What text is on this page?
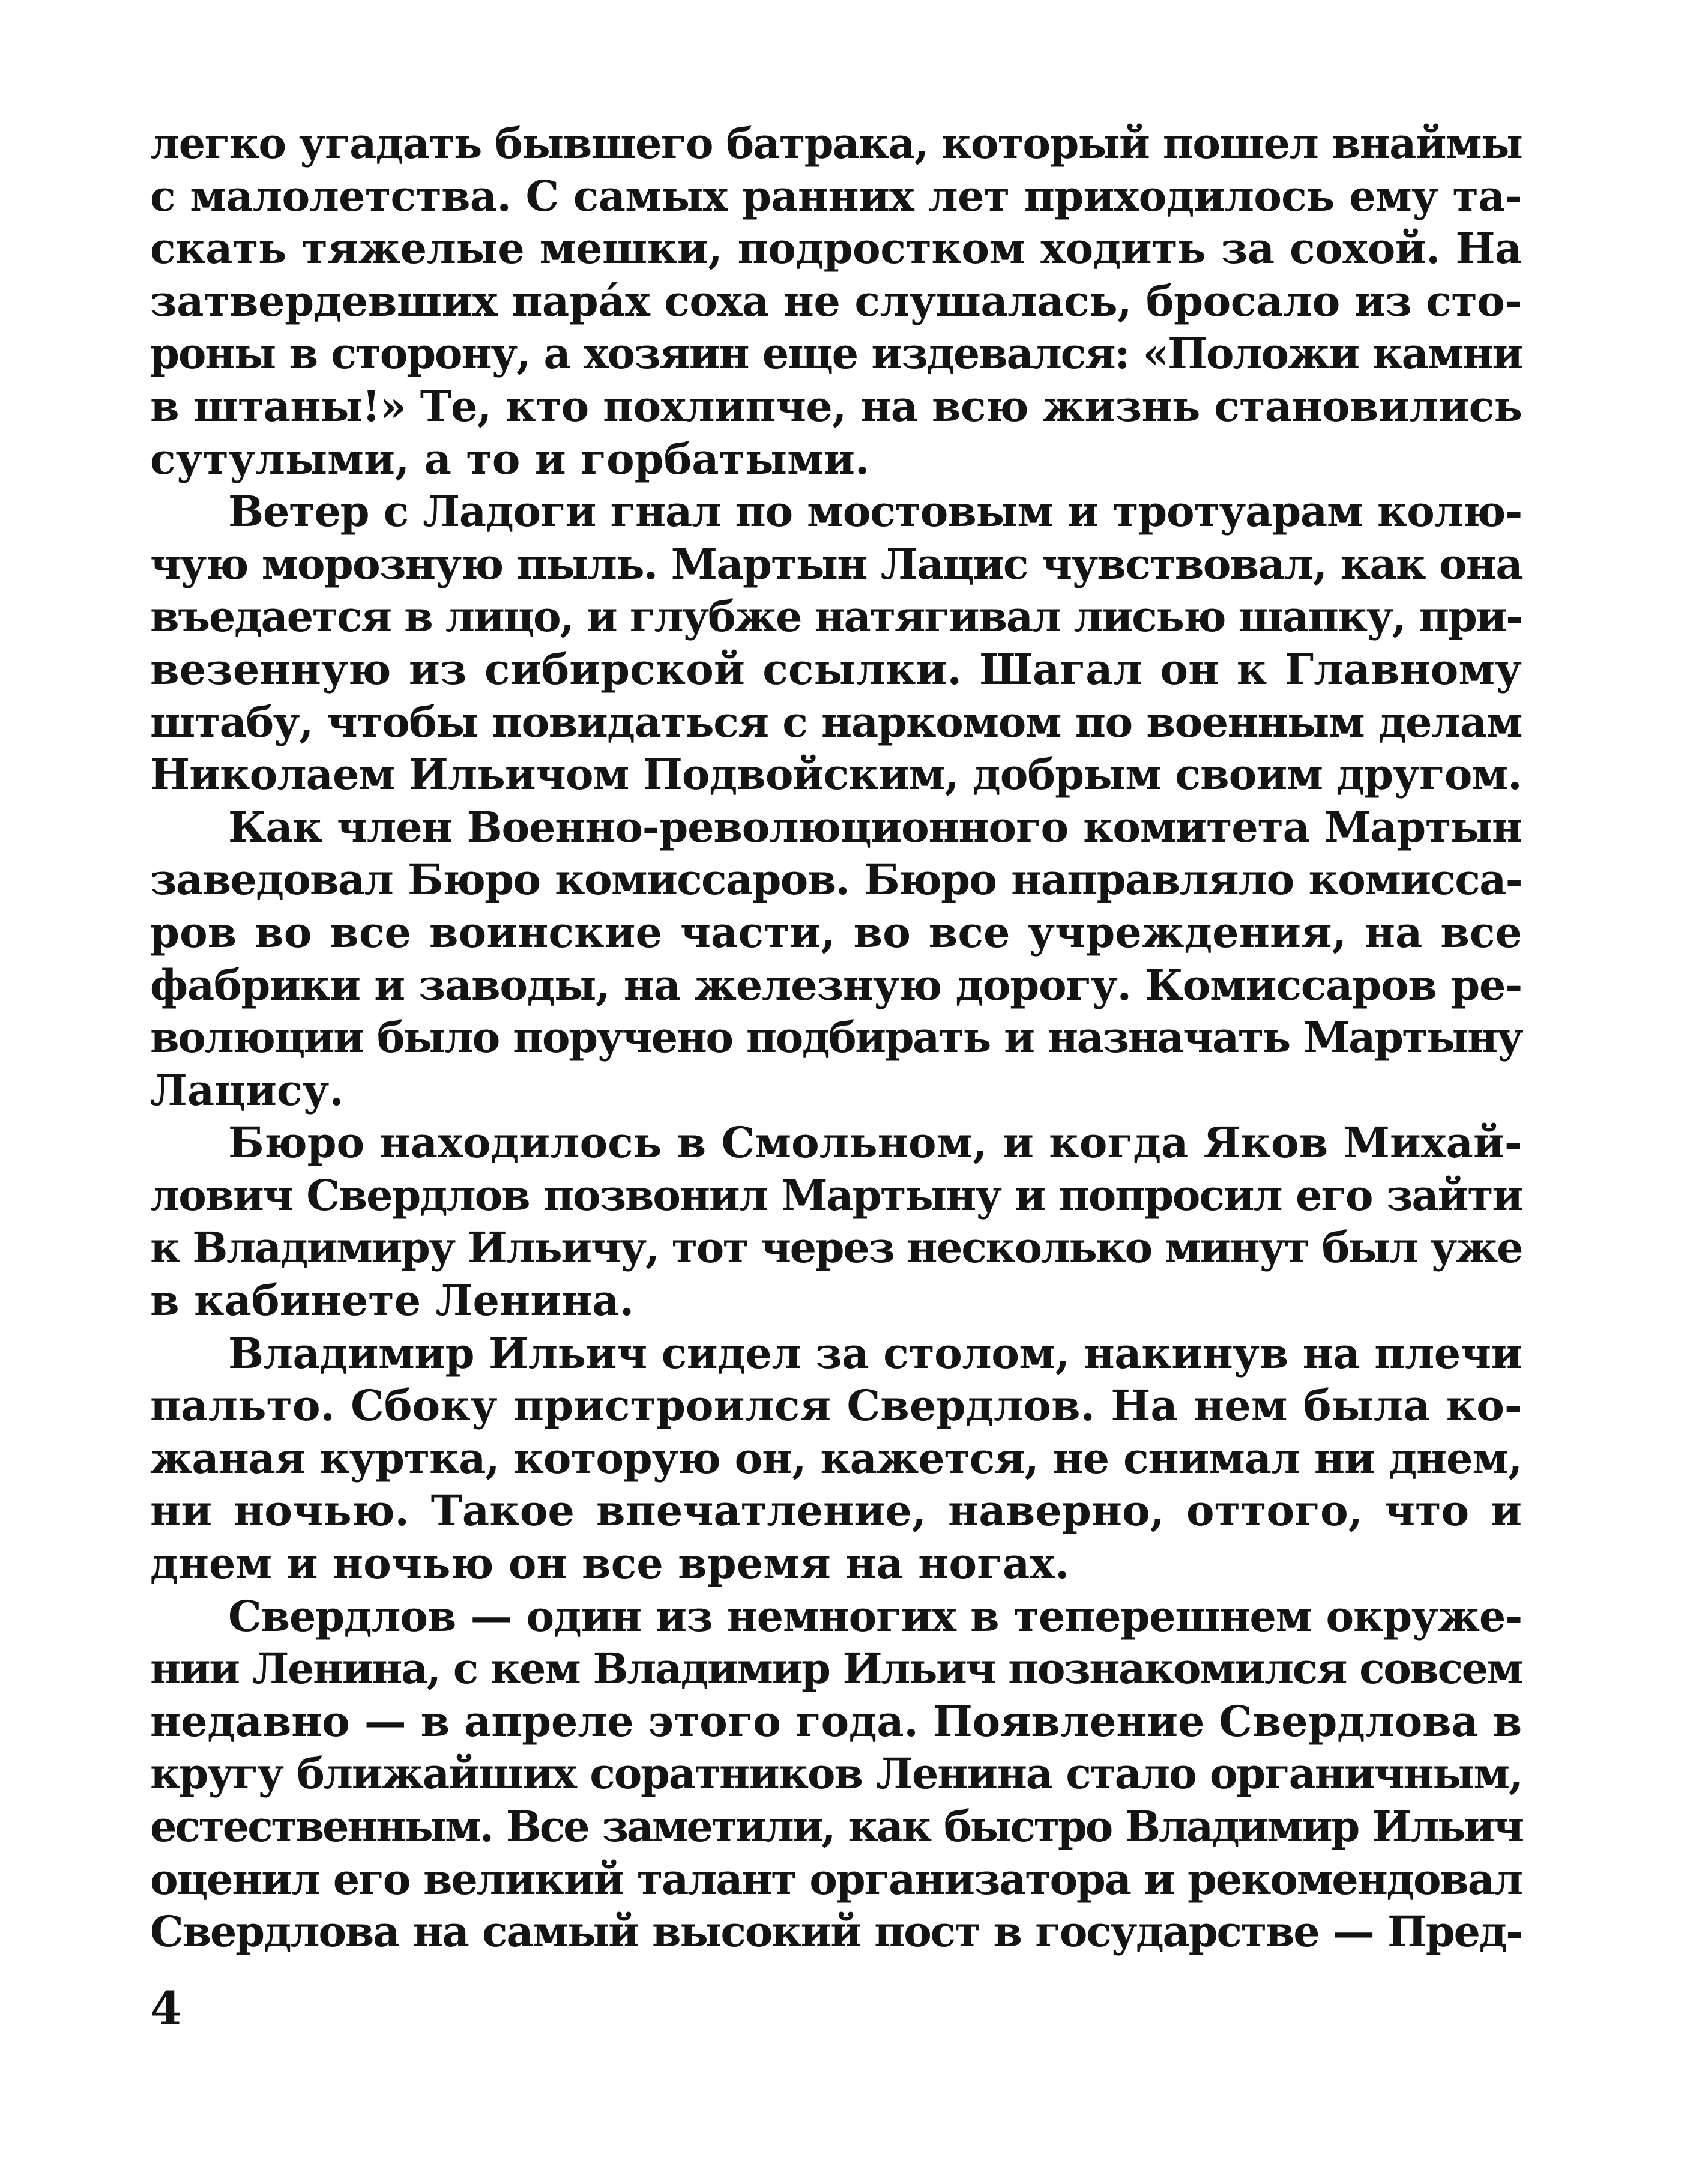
легко угадать бывшего батрака, который пошел внаймы
с малолетства. С самых ранних лет приходилось ему та-
скать тяжелые мешки, подростком ходить за сохой. На
затвердевших пара́х соха не слушалась, бросало из сто-
роны в сторону, а хозяин еще издевался: «Положи камни
в штаны!» Те, кто похлипче, на всю жизнь становились
сутулыми, а то и горбатыми.
Ветер с Ладоги гнал по мостовым и тротуарам колю-
чую морозную пыль. Мартын Лацис чувствовал, как она
въедается в лицо, и глубже натягивал лисью шапку, при-
везенную из сибирской ссылки. Шагал он к Главному
штабу, чтобы повидаться с наркомом по военным делам
Николаем Ильичом Подвойским, добрым своим другом.
Как член Военно-революционного комитета Мартын
заведовал Бюро комиссаров. Бюро направляло комисса-
ров во все воинские части, во все учреждения, на все
фабрики и заводы, на железную дорогу. Комиссаров ре-
волюции было поручено подбирать и назначать Мартыну
Лацису.
Бюро находилось в Смольном, и когда Яков Михай-
лович Свердлов позвонил Мартыну и попросил его зайти
к Владимиру Ильичу, тот через несколько минут был уже
в кабинете Ленина.
Владимир Ильич сидел за столом, накинув на плечи
пальто. Сбоку пристроился Свердлов. На нем была ко-
жаная куртка, которую он, кажется, не снимал ни днем,
ни ночью. Такое впечатление, наверно, оттого, что и
днем и ночью он все время на ногах.
Свердлов — один из немногих в теперешнем окруже-
нии Ленина, с кем Владимир Ильич познакомился совсем
недавно — в апреле этого года. Появление Свердлова в
кругу ближайших соратников Ленина стало органичным,
естественным. Все заметили, как быстро Владимир Ильич
оценил его великий талант организатора и рекомендовал
Свердлова на самый высокий пост в государстве — Пред-
4
